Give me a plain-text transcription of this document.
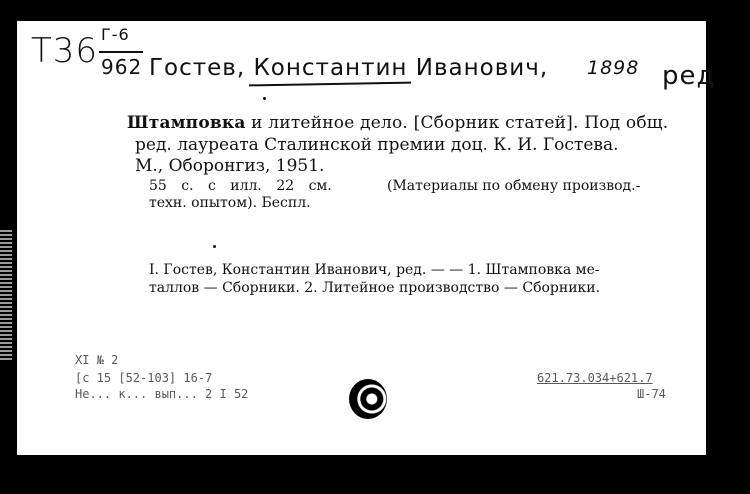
Т36 Г-6
962 Гостев, Константин Иванович, 1898 ред
Штамповка и литейное дело. [Сборник статей]. Под общ.
ред. лауреата Сталинской премии доц. К. И. Гостева.
М., Оборонгиз, 1951.
55 с. с илл. 22 см.	(Материалы по обмену производ.-
техн. опытом). Беспл.
I. Гостев, Константин Иванович, ред. — — 1. Штамповка ме-
таллов — Сборники. 2. Литейное производство — Сборники.
XI № 2
[с 15 [52-103] 16-7
Не... к... вып... 2 I 52
621.73.034+621.7
Ш-74
